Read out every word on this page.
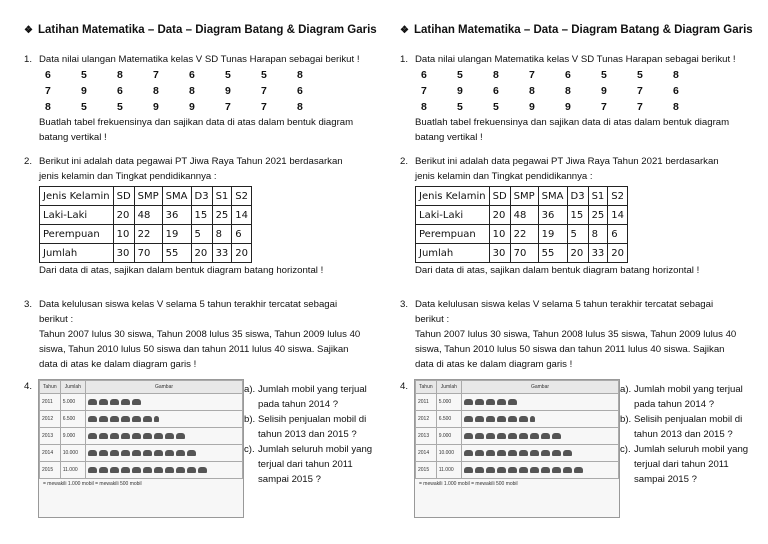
❖ Latihan Matematika – Data – Diagram Batang & Diagram Garis
1. Data nilai ulangan Matematika kelas V SD Tunas Harapan sebagai berikut !
6	5	8	7	6	5	5	8
7	9	6	8	8	9	7	6
8	5	5	9	9	7	7	8
Buatlah tabel frekuensinya dan sajikan data di atas dalam bentuk diagram
batang vertikal !
2. Berikut ini adalah data pegawai PT Jiwa Raya Tahun 2021 berdasarkan
jenis kelamin dan Tingkat pendidikannya :
Jenis Kelamin	SD	SMP	SMA	D3	S1	S2
Laki-Laki	20	48	36	15	25	14
Perempuan	10	22	19	5	8	6
Jumlah	30	70	55	20	33	20
Dari data di atas, sajikan dalam bentuk diagram batang horizontal !
3. Data kelulusan siswa kelas V selama 5 tahun terakhir tercatat sebagai
berikut :
Tahun 2007 lulus 30 siswa, Tahun 2008 lulus 35 siswa, Tahun 2009 lulus 40
siswa, Tahun 2010 lulus 50 siswa dan tahun 2011 lulus 40 siswa. Sajikan
data di atas ke dalam diagram garis !
4. Tahun	Jumlah	Gambar
2011	5.000	
2012	6.500	
2013	9.000	
2014	10.000	
2015	11.000	
= mewakili 1.000 mobil = mewakili 500 mobil
a). Jumlah mobil yang terjual
pada tahun 2014 ?
b). Selisih penjualan mobil di
tahun 2013 dan 2015 ?
c). Jumlah seluruh mobil yang
terjual dari tahun 2011
sampai 2015 ?
❖ Latihan Matematika – Data – Diagram Batang & Diagram Garis
1. Data nilai ulangan Matematika kelas V SD Tunas Harapan sebagai berikut !
6	5	8	7	6	5	5	8
7	9	6	8	8	9	7	6
8	5	5	9	9	7	7	8
Buatlah tabel frekuensinya dan sajikan data di atas dalam bentuk diagram
batang vertikal !
2. Berikut ini adalah data pegawai PT Jiwa Raya Tahun 2021 berdasarkan
jenis kelamin dan Tingkat pendidikannya :
Jenis Kelamin	SD	SMP	SMA	D3	S1	S2
Laki-Laki	20	48	36	15	25	14
Perempuan	10	22	19	5	8	6
Jumlah	30	70	55	20	33	20
Dari data di atas, sajikan dalam bentuk diagram batang horizontal !
3. Data kelulusan siswa kelas V selama 5 tahun terakhir tercatat sebagai
berikut :
Tahun 2007 lulus 30 siswa, Tahun 2008 lulus 35 siswa, Tahun 2009 lulus 40
siswa, Tahun 2010 lulus 50 siswa dan tahun 2011 lulus 40 siswa. Sajikan
data di atas ke dalam diagram garis !
4. Tahun	Jumlah	Gambar
2011	5.000	
2012	6.500	
2013	9.000	
2014	10.000	
2015	11.000	
= mewakili 1.000 mobil = mewakili 500 mobil
a). Jumlah mobil yang terjual
pada tahun 2014 ?
b). Selisih penjualan mobil di
tahun 2013 dan 2015 ?
c). Jumlah seluruh mobil yang
terjual dari tahun 2011
sampai 2015 ?
